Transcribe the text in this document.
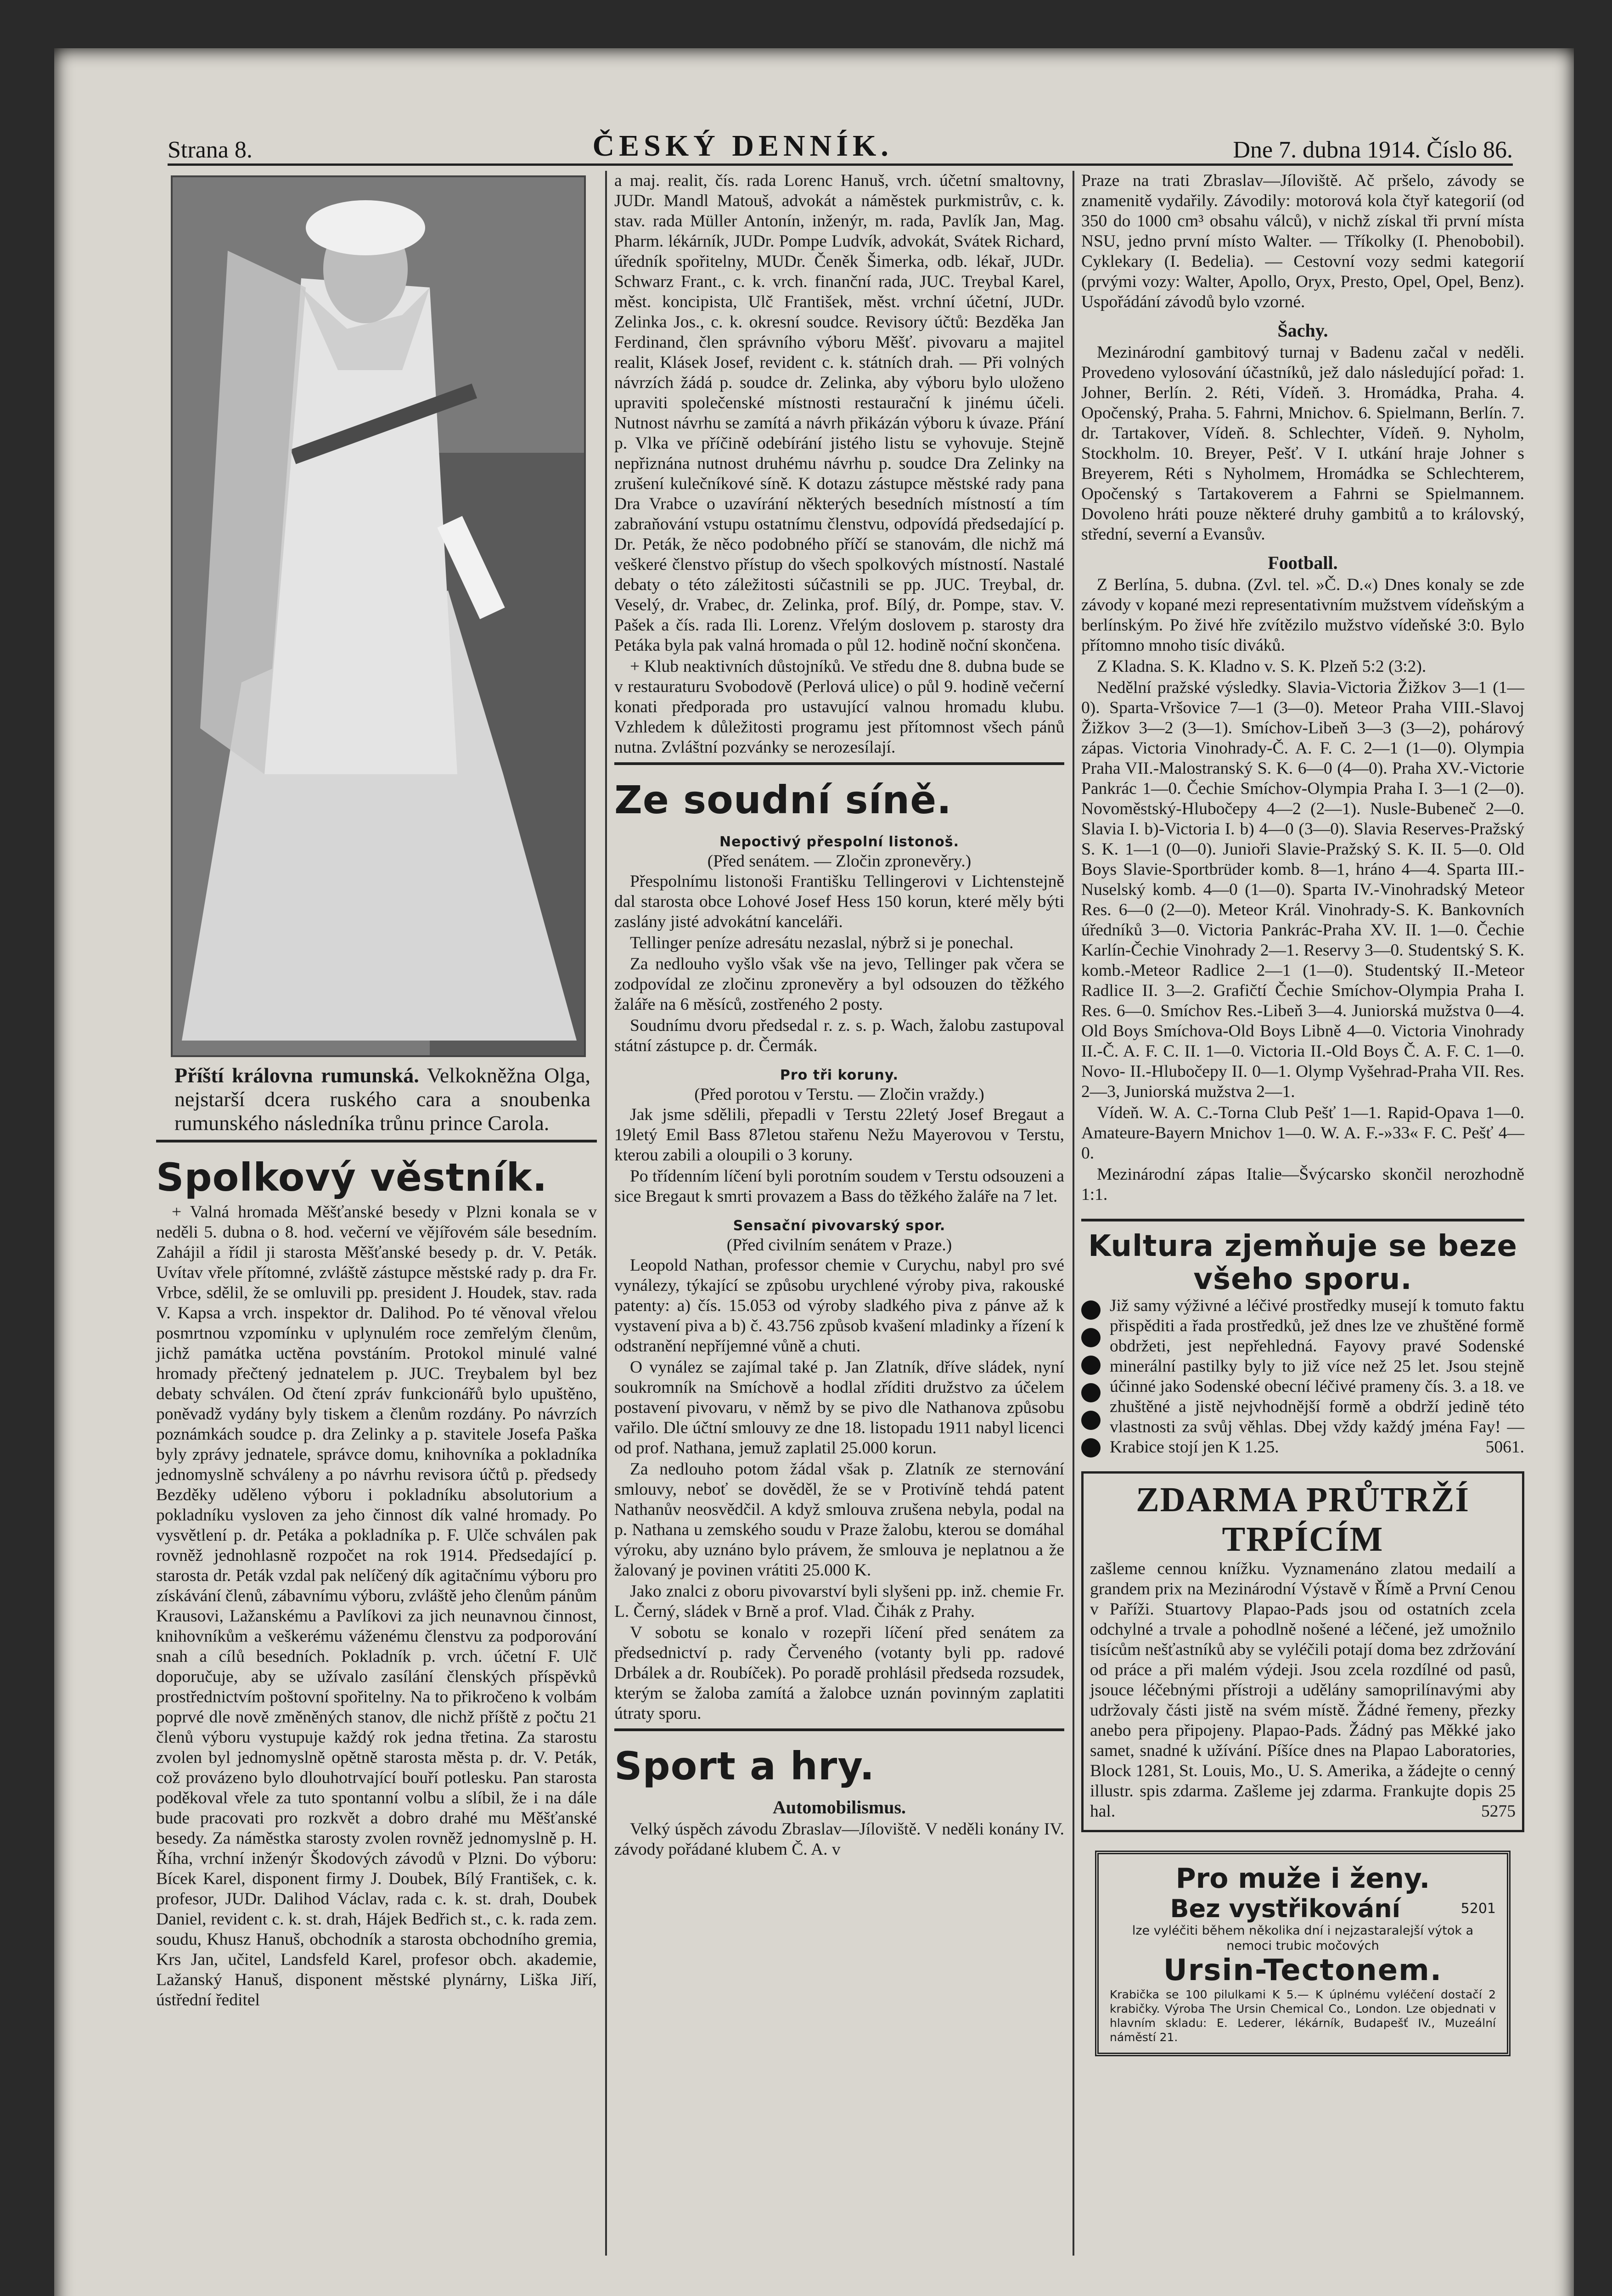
Strana 8.	ČESKÝ DENNÍK.	Dne 7. dubna 1914. Číslo 86.
Příští královna rumunská. Velkokněžna Olga, nejstarší dcera ruského cara a snoubenka rumunského následníka trůnu prince Carola.
Spolkový věstník.

+ Valná hromada Měšťanské besedy v Plzni konala se v neděli 5. dubna o 8. hod. večerní ve vějířovém sále besedním. Zahájil a řídil ji starosta Měšťanské besedy p. dr. V. Peták. Uvítav vřele přítomné, zvláště zástupce městské rady p. dra Fr. Vrbce, sdělil, že se omluvili pp. president J. Houdek, stav. rada V. Kapsa a vrch. inspektor dr. Dalihod. Po té věnoval vřelou posmrtnou vzpomínku v uplynulém roce zemřelým členům, jichž památka uctěna povstáním. Protokol minulé valné hromady přečtený jednatelem p. JUC. Treybalem byl bez debaty schválen. Od čtení zpráv funkcionářů bylo upuštěno, poněvadž vydány byly tiskem a členům rozdány. Po návrzích poznámkách soudce p. dra Zelinky a p. stavitele Josefa Paška byly zprávy jednatele, správce domu, knihovníka a pokladníka jednomyslně schváleny a po návrhu revisora účtů p. předsedy Bezděky uděleno výboru i pokladníku absolutorium a pokladníku vysloven za jeho činnost dík valné hromady. Po vysvětlení p. dr. Petáka a pokladníka p. F. Ulče schválen pak rovněž jednohlasně rozpočet na rok 1914. Předsedající p. starosta dr. Peták vzdal pak nelíčený dík agitačnímu výboru pro získávání členů, zábavnímu výboru, zvláště jeho členům pánům Krausovi, Lažanskému a Pavlíkovi za jich neunavnou činnost, knihovníkům a veškerému váženému členstvu za podporování snah a cílů besedních. Pokladník p. vrch. účetní F. Ulč doporučuje, aby se užívalo zasílání členských příspěvků prostřednictvím poštovní spořitelny. Na to přikročeno k volbám poprvé dle nově změněných stanov, dle nichž příště z počtu 21 členů výboru vystupuje každý rok jedna třetina. Za starostu zvolen byl jednomyslně opětně starosta města p. dr. V. Peták, což provázeno bylo dlouhotrvající bouří potlesku. Pan starosta poděkoval vřele za tuto spontanní volbu a slíbil, že i na dále bude pracovati pro rozkvět a dobro drahé mu Měšťanské besedy. Za náměstka starosty zvolen rovněž jednomyslně p. H. Říha, vrchní inženýr Škodových závodů v Plzni. Do výboru: Bícek Karel, disponent firmy J. Doubek, Bílý František, c. k. profesor, JUDr. Dalihod Václav, rada c. k. st. drah, Doubek Daniel, revident c. k. st. drah, Hájek Bedřich st., c. k. rada zem. soudu, Khusz Hanuš, obchodník a starosta obchodního gremia, Krs Jan, učitel, Landsfeld Karel, profesor obch. akademie, Lažanský Hanuš, disponent městské plynárny, Liška Jiří, ústřední ředitel

a maj. realit, čís. rada Lorenc Hanuš, vrch. účetní smaltovny, JUDr. Mandl Matouš, advokát a náměstek purkmistrův, c. k. stav. rada Müller Antonín, inženýr, m. rada, Pavlík Jan, Mag. Pharm. lékárník, JUDr. Pompe Ludvík, advokát, Svátek Richard, úředník spořitelny, MUDr. Čeněk Šimerka, odb. lékař, JUDr. Schwarz Frant., c. k. vrch. finanční rada, JUC. Treybal Karel, měst. koncipista, Ulč František, měst. vrchní účetní, JUDr. Zelinka Jos., c. k. okresní soudce. Revisory účtů: Bezděka Jan Ferdinand, člen správního výboru Měšť. pivovaru a majitel realit, Klásek Josef, revident c. k. státních drah. — Při volných návrzích žádá p. soudce dr. Zelinka, aby výboru bylo uloženo upraviti společenské místnosti restaurační k jinému účeli. Nutnost návrhu se zamítá a návrh přikázán výboru k úvaze. Přání p. Vlka ve příčině odebírání jistého listu se vyhovuje. Stejně nepřiznána nutnost druhému návrhu p. soudce Dra Zelinky na zrušení kulečníkové síně. K dotazu zástupce městské rady pana Dra Vrabce o uzavírání některých besedních místností a tím zabraňování vstupu ostatnímu členstvu, odpovídá předsedající p. Dr. Peták, že něco podobného příčí se stanovám, dle nichž má veškeré členstvo přístup do všech spolkových místností. Nastalé debaty o této záležitosti súčastnili se pp. JUC. Treybal, dr. Veselý, dr. Vrabec, dr. Zelinka, prof. Bílý, dr. Pompe, stav. V. Pašek a čís. rada Ili. Lorenz. Vřelým doslovem p. starosty dra Petáka byla pak valná hromada o půl 12. hodině noční skončena.

+ Klub neaktivních důstojníků. Ve středu dne 8. dubna bude se v restauraturu Svobodově (Perlová ulice) o půl 9. hodině večerní konati předporada pro ustavující valnou hromadu klubu. Vzhledem k důležitosti programu jest přítomnost všech pánů nutna. Zvláštní pozvánky se nerozesílají.

Ze soudní síně.
Nepoctivý přespolní listonoš.

(Před senátem. — Zločin zpronevěry.)

Přespolnímu listonoši Františku Tellingerovi v Lichtenstejně dal starosta obce Lohové Josef Hess 150 korun, které měly býti zaslány jisté advokátní kanceláři.

Tellinger peníze adresátu nezaslal, nýbrž si je ponechal.

Za nedlouho vyšlo však vše na jevo, Tellinger pak včera se zodpovídal ze zločinu zpronevěry a byl odsouzen do těžkého žaláře na 6 měsíců, zostřeného 2 posty.

Soudnímu dvoru předsedal r. z. s. p. Wach, žalobu zastupoval státní zástupce p. dr. Čermák.

Pro tři koruny.

(Před porotou v Terstu. — Zločin vraždy.)

Jak jsme sdělili, přepadli v Terstu 22letý Josef Bregaut a 19letý Emil Bass 87letou stařenu Nežu Mayerovou v Terstu, kterou zabili a oloupili o 3 koruny.

Po třídenním líčení byli porotním soudem v Terstu odsouzeni a sice Bregaut k smrti provazem a Bass do těžkého žaláře na 7 let.

Sensační pivovarský spor.

(Před civilním senátem v Praze.)

Leopold Nathan, professor chemie v Curychu, nabyl pro své vynálezy, týkající se způsobu urychlené výroby piva, rakouské patenty: a) čís. 15.053 od výroby sladkého piva z pánve až k vystavení piva a b) č. 43.756 způsob kvašení mladinky a řízení k odstranění nepříjemné vůně a chuti.

O vynález se zajímal také p. Jan Zlatník, dříve sládek, nyní soukromník na Smíchově a hodlal zříditi družstvo za účelem postavení pivovaru, v němž by se pivo dle Nathanova způsobu vařilo. Dle účtní smlouvy ze dne 18. listopadu 1911 nabyl licenci od prof. Nathana, jemuž zaplatil 25.000 korun.

Za nedlouho potom žádal však p. Zlatník ze sternování smlouvy, neboť se dověděl, že se v Protivíně tehdá patent Nathanův neosvědčil. A když smlouva zrušena nebyla, podal na p. Nathana u zemského soudu v Praze žalobu, kterou se domáhal výroku, aby uznáno bylo právem, že smlouva je neplatnou a že žalovaný je povinen vrátiti 25.000 K.

Jako znalci z oboru pivovarství byli slyšeni pp. inž. chemie Fr. L. Černý, sládek v Brně a prof. Vlad. Čihák z Prahy.

V sobotu se konalo v rozepři líčení před senátem za předsednictví p. rady Červeného (votanty byli pp. radové Drbálek a dr. Roubíček). Po poradě prohlásil předseda rozsudek, kterým se žaloba zamítá a žalobce uznán povinným zaplatiti útraty sporu.

Sport a hry.
Automobilismus.

Velký úspěch závodu Zbraslav—Jíloviště. V neděli konány IV. závody pořádané klubem Č. A. v

Praze na trati Zbraslav—Jíloviště. Ač pršelo, závody se znamenitě vydařily. Závodily: motorová kola čtyř kategorií (od 350 do 1000 cm³ obsahu válců), v nichž získal tři první místa NSU, jedno první místo Walter. — Tříkolky (I. Phenobobil). Cyklekary (I. Bedelia). — Cestovní vozy sedmi kategorií (prvými vozy: Walter, Apollo, Oryx, Presto, Opel, Opel, Benz). Uspořádání závodů bylo vzorné.

Šachy.

Mezinárodní gambitový turnaj v Badenu začal v neděli. Provedeno vylosování účastníků, jež dalo následující pořad: 1. Johner, Berlín. 2. Réti, Vídeň. 3. Hromádka, Praha. 4. Opočenský, Praha. 5. Fahrni, Mnichov. 6. Spielmann, Berlín. 7. dr. Tartakover, Vídeň. 8. Schlechter, Vídeň. 9. Nyholm, Stockholm. 10. Breyer, Pešť. V I. utkání hraje Johner s Breyerem, Réti s Nyholmem, Hromádka se Schlechterem, Opočenský s Tartakoverem a Fahrni se Spielmannem. Dovoleno hráti pouze některé druhy gambitů a to královský, střední, severní a Evansův.

Football.

Z Berlína, 5. dubna. (Zvl. tel. »Č. D.«) Dnes konaly se zde závody v kopané mezi representativním mužstvem vídeňským a berlínským. Po živé hře zvítězilo mužstvo vídeňské 3:0. Bylo přítomno mnoho tisíc diváků.

Z Kladna. S. K. Kladno v. S. K. Plzeň 5:2 (3:2).

Nedělní pražské výsledky. Slavia-Victoria Žižkov 3—1 (1—0). Sparta-Vršovice 7—1 (3—0). Meteor Praha VIII.-Slavoj Žižkov 3—2 (3—1). Smíchov-Libeň 3—3 (3—2), pohárový zápas. Victoria Vinohrady-Č. A. F. C. 2—1 (1—0). Olympia Praha VII.-Malostranský S. K. 6—0 (4—0). Praha XV.-Victorie Pankrác 1—0. Čechie Smíchov-Olympia Praha I. 3—1 (2—0). Novoměstský-Hlubočepy 4—2 (2—1). Nusle-Bubeneč 2—0. Slavia I. b)-Victoria I. b) 4—0 (3—0). Slavia Reserves-Pražský S. K. 1—1 (0—0). Junioři Slavie-Pražský S. K. II. 5—0. Old Boys Slavie-Sportbrüder komb. 8—1, hráno 4—4. Sparta III.-Nuselský komb. 4—0 (1—0). Sparta IV.-Vinohradský Meteor Res. 6—0 (2—0). Meteor Král. Vinohrady-S. K. Bankovních úředníků 3—0. Victoria Pankrác-Praha XV. II. 1—0. Čechie Karlín-Čechie Vinohrady 2—1. Reservy 3—0. Studentský S. K. komb.-Meteor Radlice 2—1 (1—0). Studentský II.-Meteor Radlice II. 3—2. Grafičtí Čechie Smíchov-Olympia Praha I. Res. 6—0. Smíchov Res.-Libeň 3—4. Juniorská mužstva 0—4. Old Boys Smíchova-Old Boys Libně 4—0. Victoria Vinohrady II.-Č. A. F. C. II. 1—0. Victoria II.-Old Boys Č. A. F. C. 1—0. Novo- II.-Hlubočepy II. 0—1. Olymp Vyšehrad-Praha VII. Res. 2—3, Juniorská mužstva 2—1.

Vídeň. W. A. C.-Torna Club Pešť 1—1. Rapid-Opava 1—0. Amateure-Bayern Mnichov 1—0. W. A. F.-»33« F. C. Pešť 4—0.

Mezinárodní zápas Italie—Švýcarsko skončil nerozhodně 1:1.

Kultura zjemňuje se beze všeho sporu.
Již samy výživné a léčivé prostředky musejí k tomuto faktu přispěditi a řada prostředků, jež dnes lze ve zhuštěné formě obdržeti, jest nepřehledná. Fayovy pravé Sodenské minerální pastilky byly to již více než 25 let. Jsou stejně účinné jako Sodenské obecní léčivé prameny čís. 3. a 18. ve zhuštěné a jistě nejvhodnější formě a obdrží jedině této vlastnosti za svůj věhlas. Dbej vždy každý jména Fay! — Krabice stojí jen K 1.25.	5061.
ZDARMA PRŮTRŽÍ TRPÍCÍM
zašleme cennou knížku. Vyznamenáno zlatou medailí a grandem prix na Mezinárodní Výstavě v Římě a První Cenou v Paříži. Stuartovy Plapao-Pads jsou od ostatních zcela odchylné a trvale a pohodlně nošené a léčené, jež umožnilo tisícům nešťastníků aby se vyléčili potají doma bez zdržování od práce a při malém výdeji. Jsou zcela rozdílné od pasů, jsouce léčebnými přístroji a udělány samoprilínavými aby udržovaly části jistě na svém místě. Žádné řemeny, přezky anebo pera připojeny. Plapao-Pads. Žádný pas Měkké jako samet, snadné k užívání. Píšíce dnes na Plapao Laboratories, Block 1281, St. Louis, Mo., U. S. Amerika, a žádejte o cenný illustr. spis zdarma. Zašleme jej zdarma. Frankujte dopis 25 hal.	5275
Pro muže i ženy.
Bez vystřikování	5201
lze vyléčiti během několika dní i nejzastaralejší výtok a nemoci trubic močových
Ursin-Tectonem.
Krabička se 100 pilulkami K 5.— K úplnému vyléčení dostačí 2 krabičky. Výroba The Ursin Chemical Co., London. Lze objednati v hlavním skladu: E. Lederer, lékárník, Budapešť IV., Muzeální náměstí 21.
